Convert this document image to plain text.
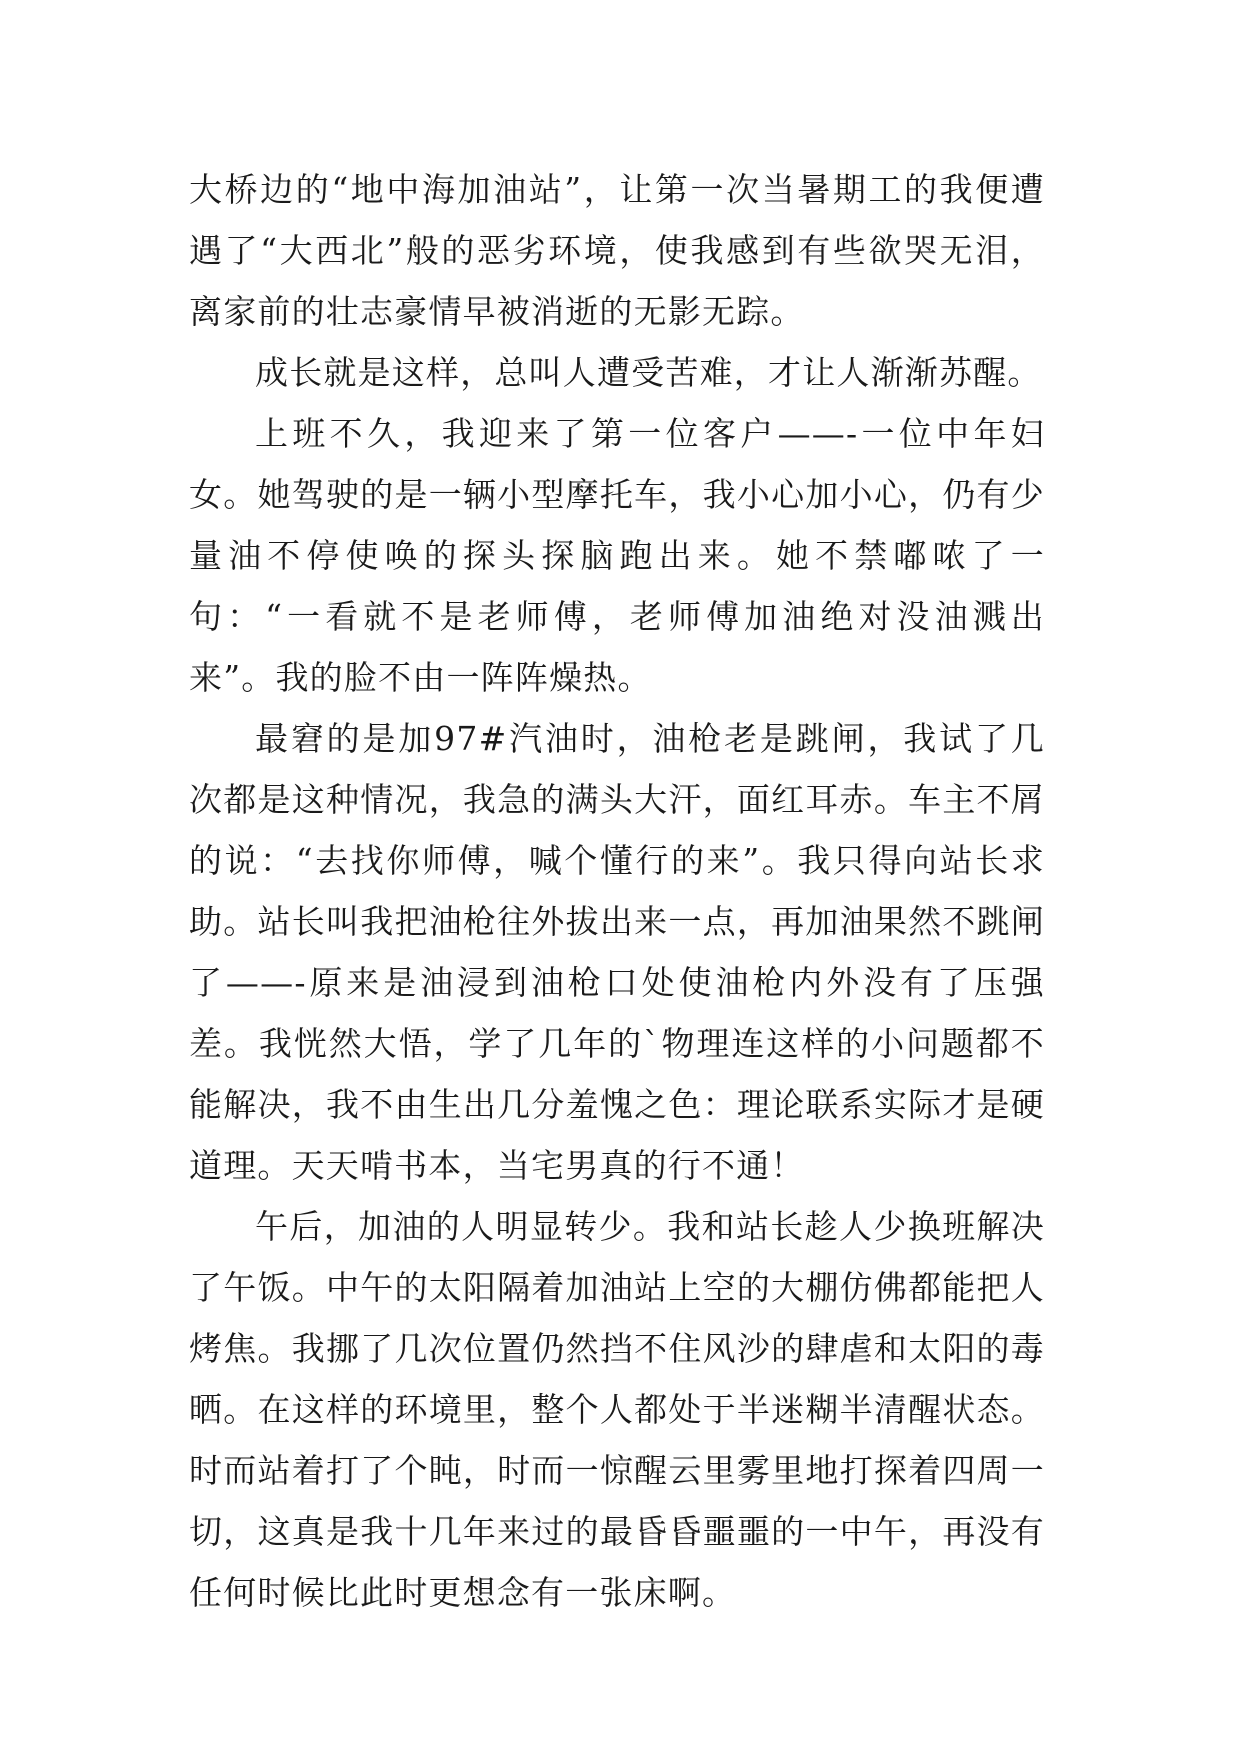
大桥边的“地中海加油站”，让第一次当暑期工的我便遭遇了“大西北”般的恶劣环境，使我感到有些欲哭无泪，离家前的壮志豪情早被消逝的无影无踪。

成长就是这样，总叫人遭受苦难，才让人渐渐苏醒。

上班不久，我迎来了第一位客户——-一位中年妇女。她驾驶的是一辆小型摩托车，我小心加小心，仍有少量油不停使唤的探头探脑跑出来。她不禁嘟哝了一句：“一看就不是老师傅，老师傅加油绝对没油溅出来”。我的脸不由一阵阵燥热。

最窘的是加97#汽油时，油枪老是跳闸，我试了几次都是这种情况，我急的满头大汗，面红耳赤。车主不屑的说：“去找你师傅，喊个懂行的来”。我只得向站长求助。站长叫我把油枪往外拔出来一点，再加油果然不跳闸了——-原来是油浸到油枪口处使油枪内外没有了压强差。我恍然大悟，学了几年的`物理连这样的小问题都不能解决，我不由生出几分羞愧之色：理论联系实际才是硬道理。天天啃书本，当宅男真的行不通！

午后，加油的人明显转少。我和站长趁人少换班解决了午饭。中午的太阳隔着加油站上空的大棚仿佛都能把人烤焦。我挪了几次位置仍然挡不住风沙的肆虐和太阳的毒晒。在这样的环境里，整个人都处于半迷糊半清醒状态。时而站着打了个盹，时而一惊醒云里雾里地打探着四周一切，这真是我十几年来过的最昏昏噩噩的一中午，再没有任何时候比此时更想念有一张床啊。
